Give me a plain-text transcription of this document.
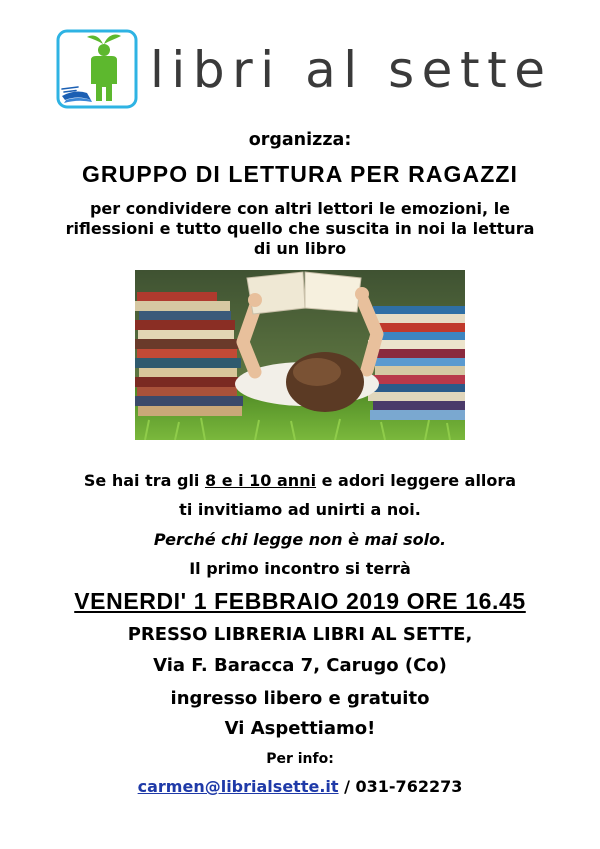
libri al sette
organizza:
GRUPPO DI LETTURA PER RAGAZZI
per condividere con altri lettori le emozioni, le
riflessioni e tutto quello che suscita in noi la lettura
di un libro
Se hai tra gli 8 e i 10 anni e adori leggere allora
ti invitiamo ad unirti a noi.
Perché chi legge non è mai solo.
Il primo incontro si terrà
VENERDI' 1 FEBBRAIO 2019 ORE 16.45
PRESSO LIBRERIA LIBRI AL SETTE,
Via F. Baracca 7, Carugo (Co)
ingresso libero e gratuito
Vi Aspettiamo!
Per info:
carmen@librialsette.it / 031-762273
